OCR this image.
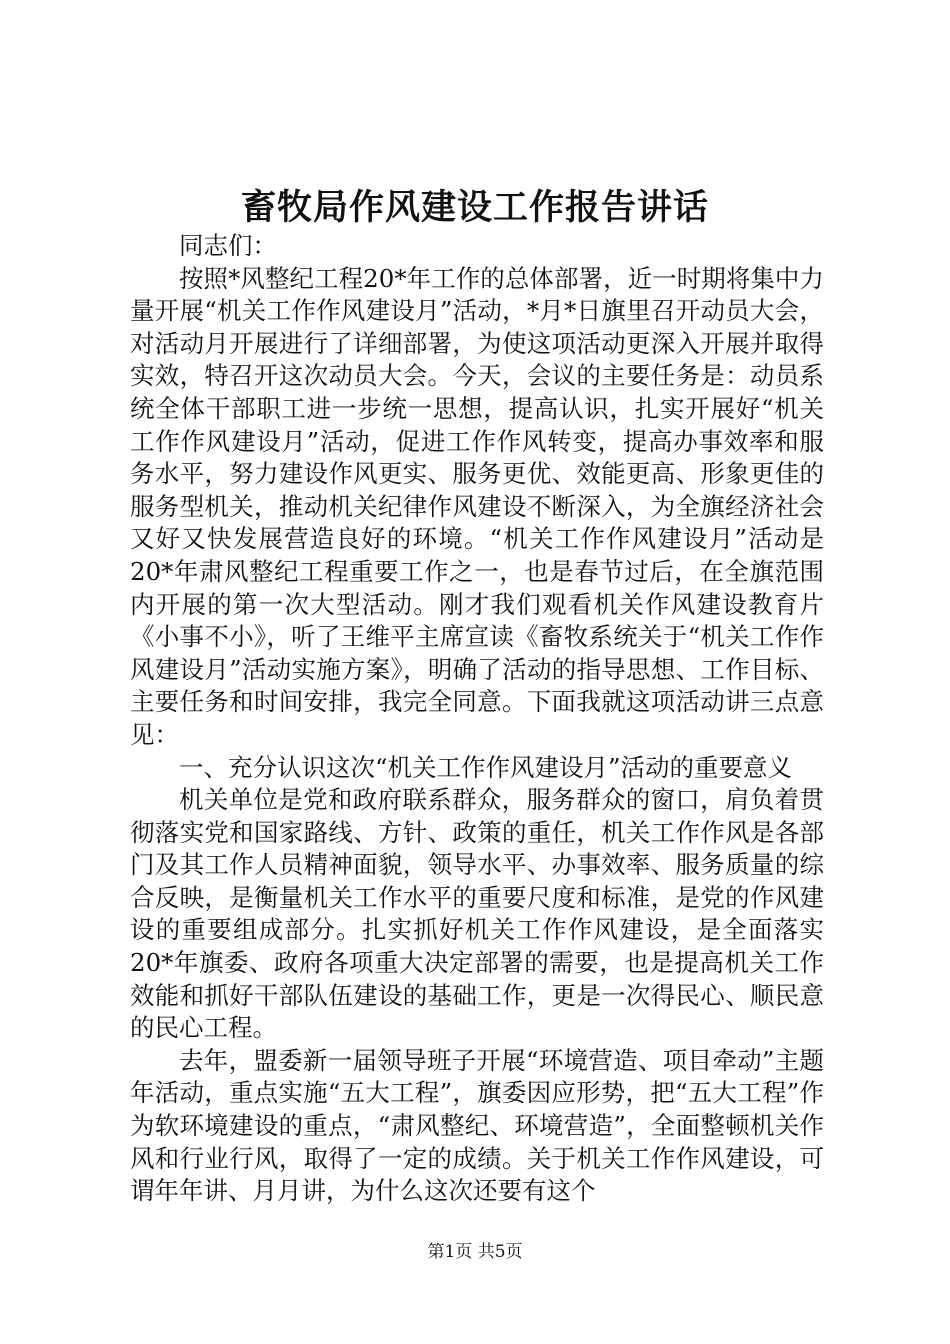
畜牧局作风建设工作报告讲话

同志们：

按照*风整纪工程20*年工作的总体部署，近一时期将集中力量开展“机关工作作风建设月”活动，*月*日旗里召开动员大会，对活动月开展进行了详细部署，为使这项活动更深入开展并取得实效，特召开这次动员大会。今天，会议的主要任务是：动员系统全体干部职工进一步统一思想，提高认识，扎实开展好“机关工作作风建设月”活动，促进工作作风转变，提高办事效率和服务水平，努力建设作风更实、服务更优、效能更高、形象更佳的服务型机关，推动机关纪律作风建设不断深入，为全旗经济社会又好又快发展营造良好的环境。“机关工作作风建设月”活动是20*年肃风整纪工程重要工作之一，也是春节过后，在全旗范围内开展的第一次大型活动。刚才我们观看机关作风建设教育片《小事不小》，听了王维平主席宣读《畜牧系统关于“机关工作作风建设月”活动实施方案》，明确了活动的指导思想、工作目标、主要任务和时间安排，我完全同意。下面我就这项活动讲三点意见：

一、充分认识这次“机关工作作风建设月”活动的重要意义

机关单位是党和政府联系群众，服务群众的窗口，肩负着贯彻落实党和国家路线、方针、政策的重任，机关工作作风是各部门及其工作人员精神面貌，领导水平、办事效率、服务质量的综合反映，是衡量机关工作水平的重要尺度和标准，是党的作风建设的重要组成部分。扎实抓好机关工作作风建设，是全面落实20*年旗委、政府各项重大决定部署的需要，也是提高机关工作效能和抓好干部队伍建设的基础工作，更是一次得民心、顺民意的民心工程。

去年，盟委新一届领导班子开展“环境营造、项目牵动”主题年活动，重点实施“五大工程”，旗委因应形势，把“五大工程”作为软环境建设的重点，“肃风整纪、环境营造”，全面整顿机关作风和行业行风，取得了一定的成绩。关于机关工作作风建设，可谓年年讲、月月讲，为什么这次还要有这个

第1页 共5页
